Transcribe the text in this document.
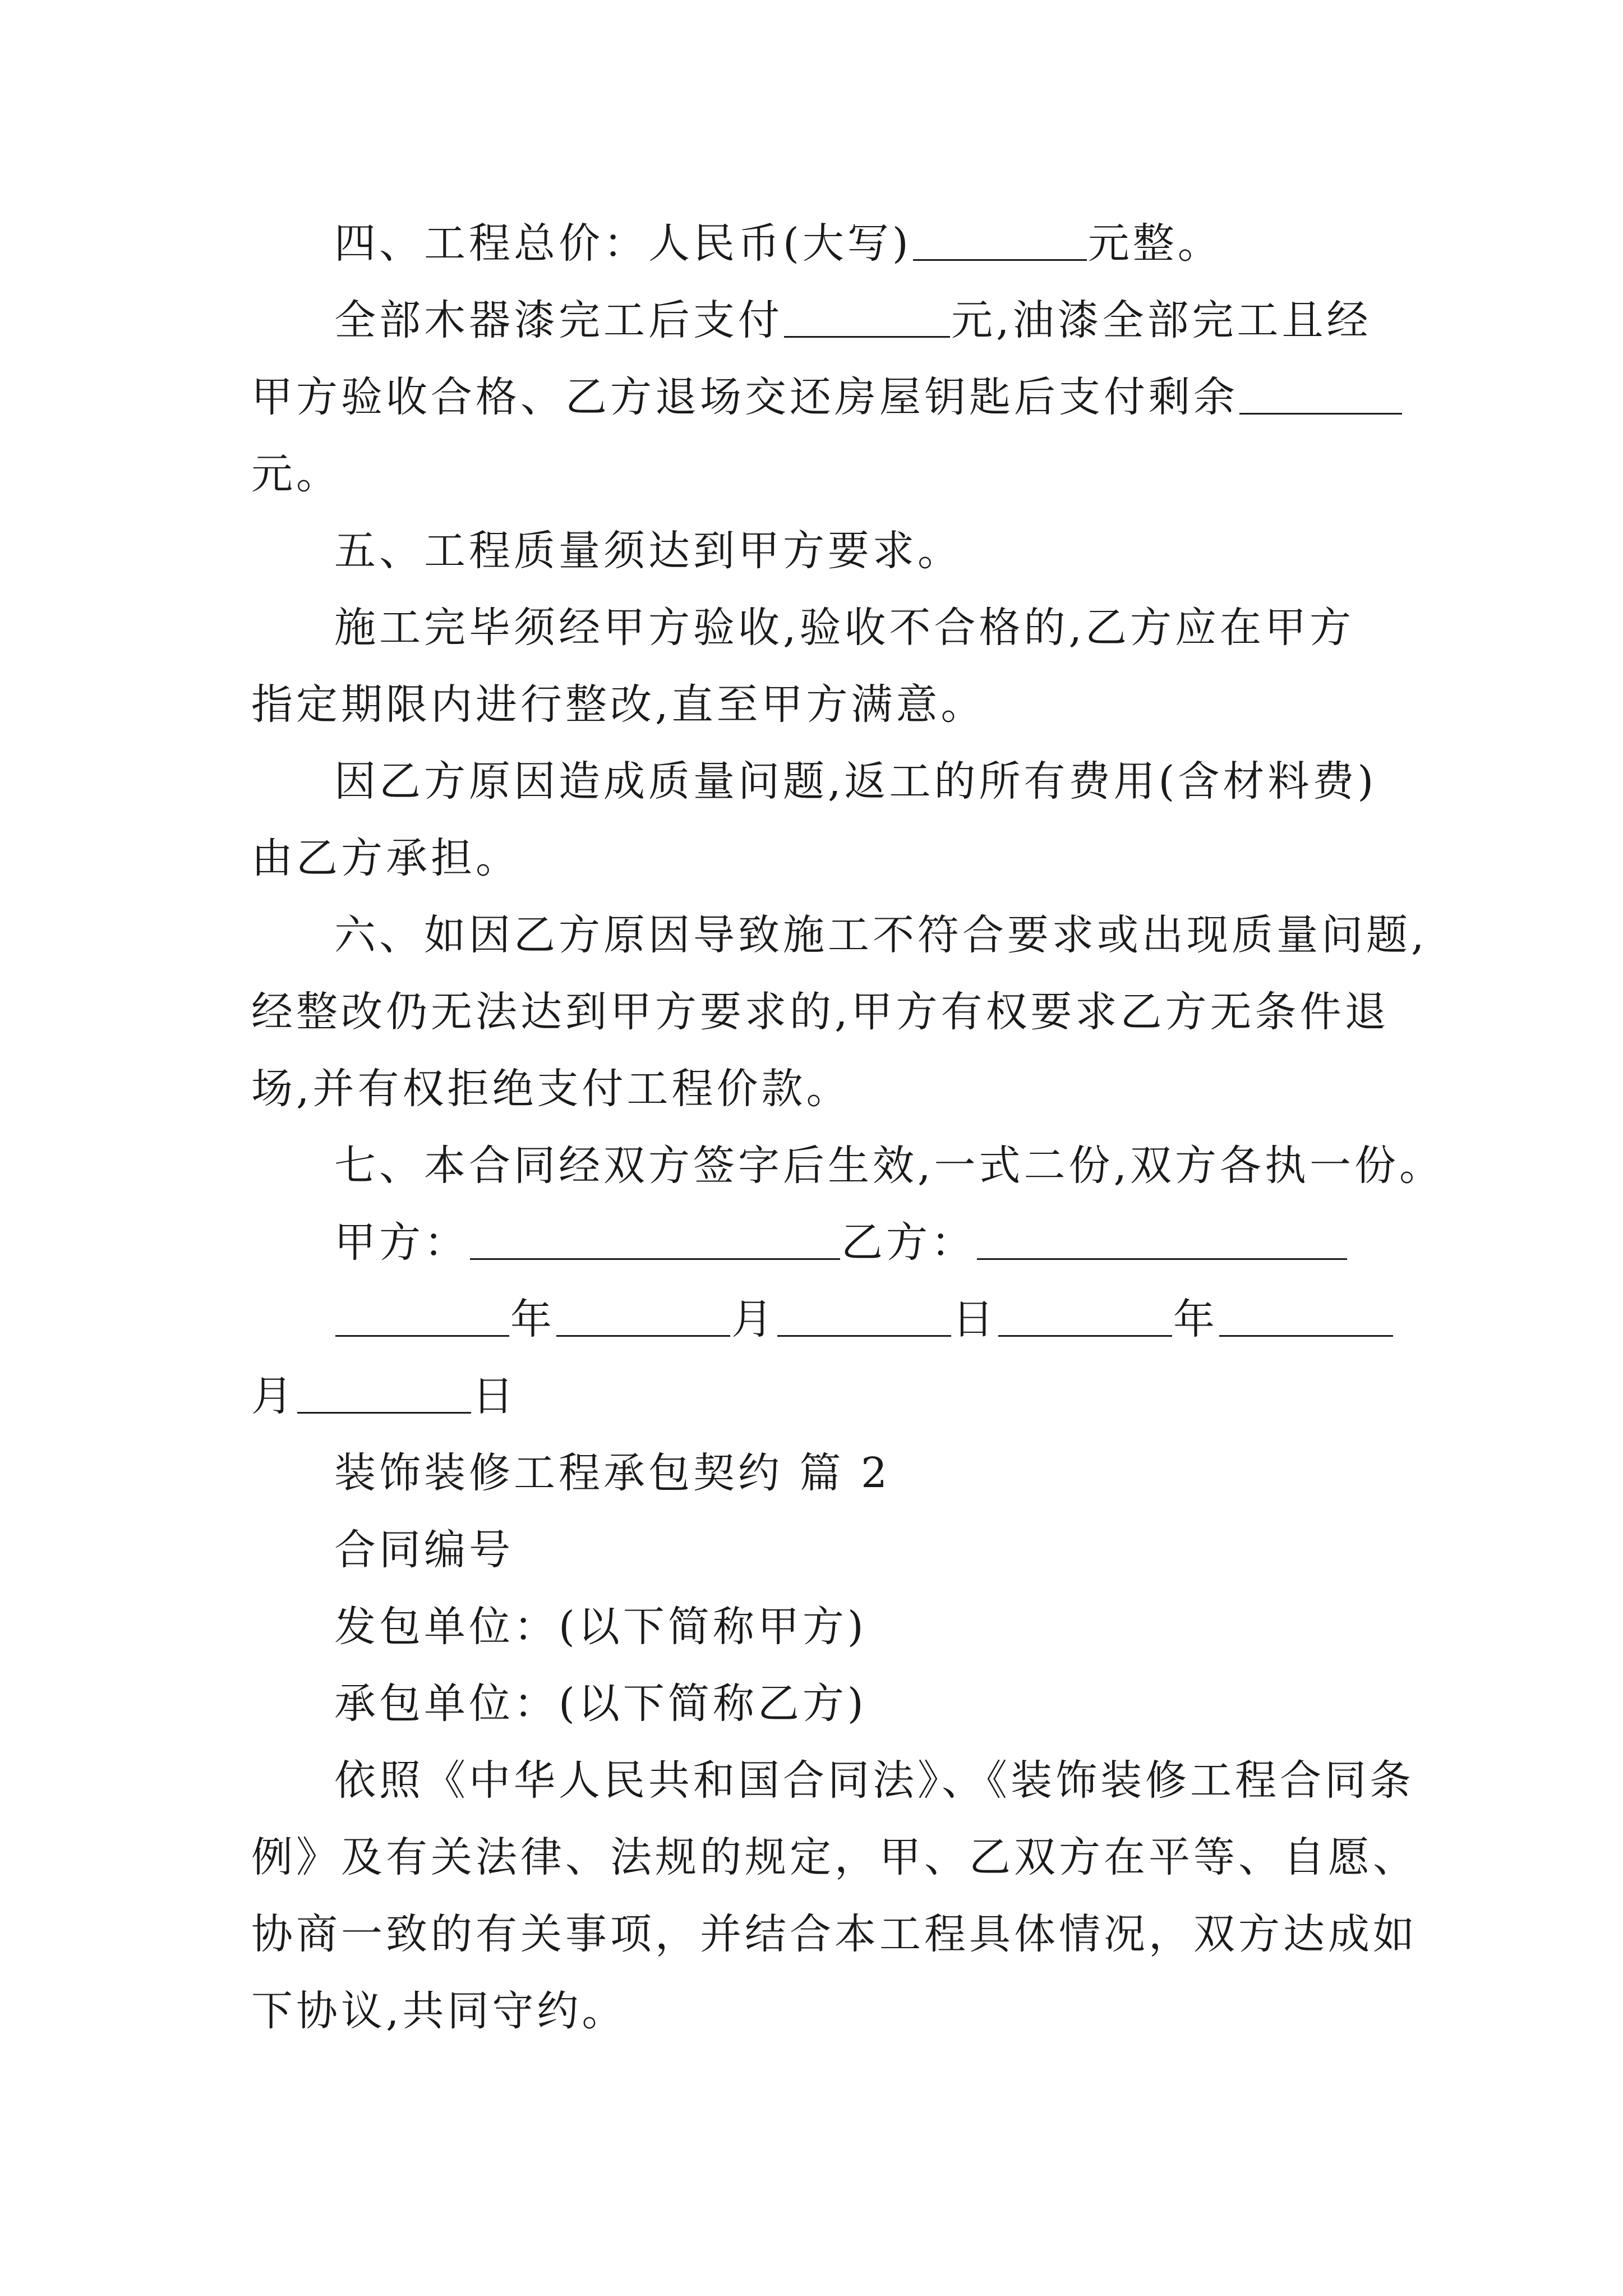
四、工程总价：人民币(大写)	元整。
全部木器漆完工后支付	元,油漆全部完工且经
甲方验收合格、乙方退场交还房屋钥匙后支付剩余
元。
五、工程质量须达到甲方要求。
施工完毕须经甲方验收,验收不合格的,乙方应在甲方
指定期限内进行整改,直至甲方满意。
因乙方原因造成质量问题,返工的所有费用(含材料费)
由乙方承担。
六、如因乙方原因导致施工不符合要求或出现质量问题,
经整改仍无法达到甲方要求的,甲方有权要求乙方无条件退
场,并有权拒绝支付工程价款。
七、本合同经双方签字后生效,一式二份,双方各执一份。
甲方：	乙方：
年	月	日	年
月	日
装饰装修工程承包契约 篇 2
合同编号
发包单位：(以下简称甲方)
承包单位：(以下简称乙方)
依照《中华人民共和国合同法》、《装饰装修工程合同条
例》及有关法律、法规的规定，甲、乙双方在平等、自愿、
协商一致的有关事项，并结合本工程具体情况，双方达成如
下协议,共同守约。
